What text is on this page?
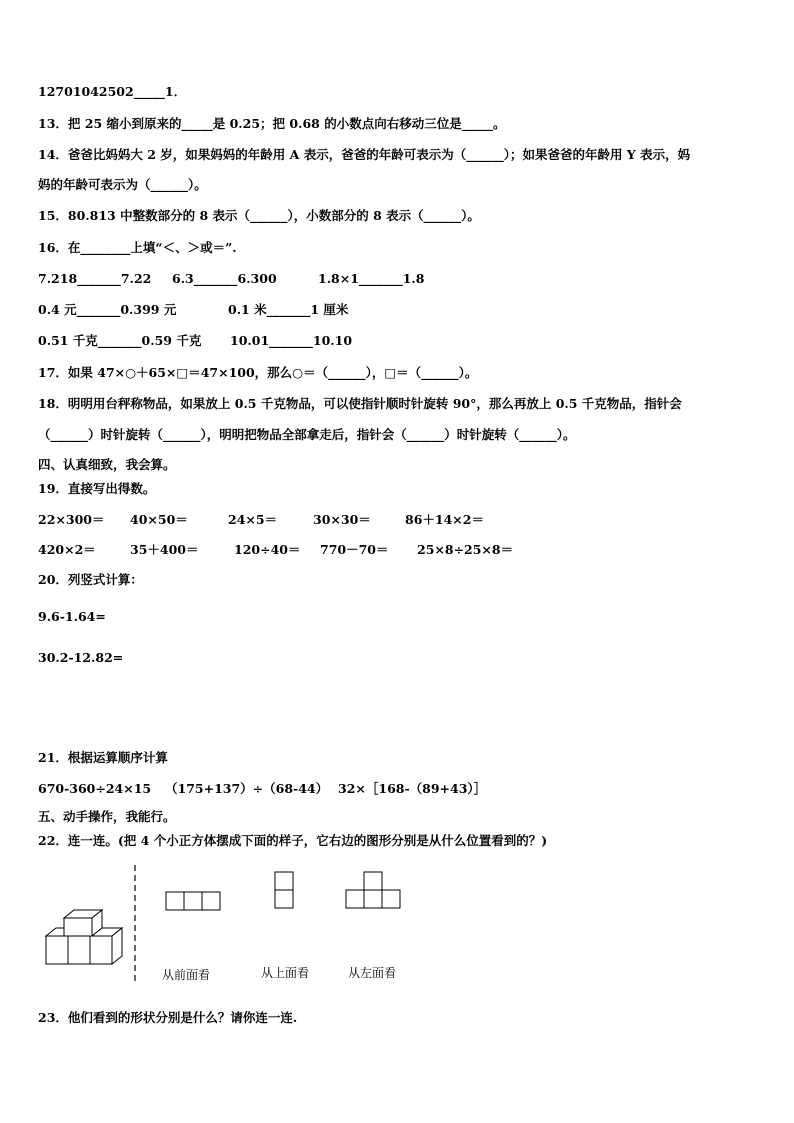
12701042502_____1．
13．把 25 缩小到原来的_____是 0.25；把 0.68 的小数点向右移动三位是_____。
14．爸爸比妈妈大 2 岁，如果妈妈的年龄用 A 表示，爸爸的年龄可表示为（______）；如果爸爸的年龄用 Y 表示，妈
妈的年龄可表示为（______）。
15．80.813 中整数部分的 8 表示（______），小数部分的 8 表示（______）。
16．在________上填“＜、＞或＝”.
7.218_______7.22 6.3_______6.300	1.8×1_______1.8
0.4 元_______0.399 元	0.1 米_______1 厘米
0.51 千克_______0.59 千克 10.01_______10.10
17．如果 47×○＋65×□＝47×100，那么○＝（______），□＝（______）。
18．明明用台秤称物品，如果放上 0.5 千克物品，可以使指针顺时针旋转 90°，那么再放上 0.5 千克物品，指针会
（______）时针旋转（______），明明把物品全部拿走后，指针会（______）时针旋转（______）。
四、认真细致，我会算。
19．直接写出得数。
22×300＝ 40×50＝	24×5＝	30×30＝	86＋14×2＝
420×2＝	35＋400＝	120÷40＝ 770－70＝ 25×8÷25×8＝
20．列竖式计算：
9.6-1.64=
30.2-12.82=
21．根据运算顺序计算
670-360÷24×15 （175+137）÷（68-44） 32×［168-（89+43）］
五、动手操作，我能行。
22．连一连。(把 4 个小正方体摆成下面的样子，它右边的图形分别是从什么位置看到的？)
从前面看	从上面看	从左面看
23．他们看到的形状分别是什么？请你连一连.
